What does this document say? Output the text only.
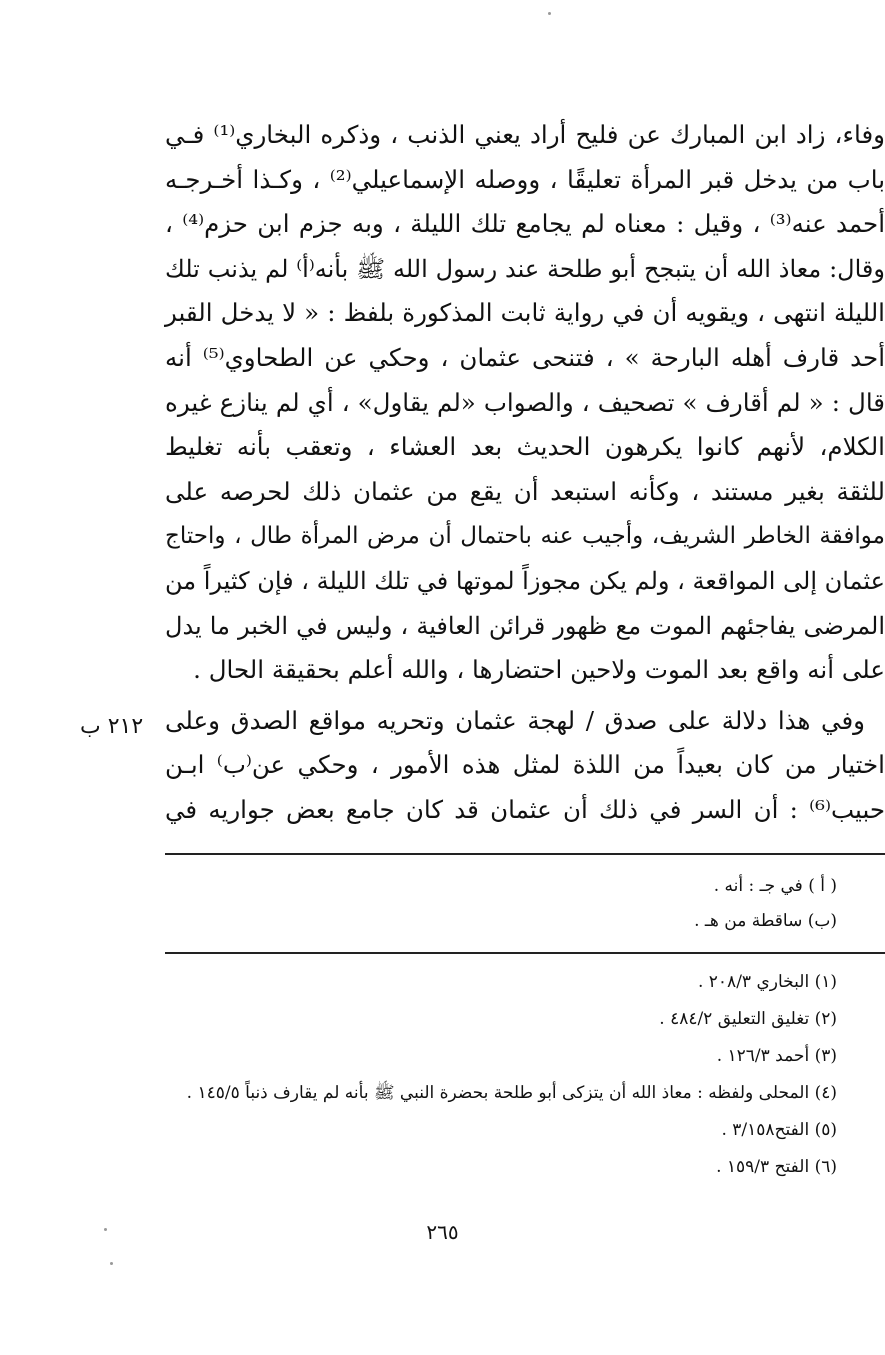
وفاء، زاد ابن المبارك عن فليح أراد يعني الذنب ، وذكره البخاري⁽¹⁾ فـي
باب من يدخل قبر المرأة تعليقًا ، ووصله الإسماعيلي⁽²⁾ ، وكـذا أخـرجـه
أحمد عنه⁽³⁾ ، وقيل : معناه لم يجامع تلك الليلة ، وبه جزم ابن حزم⁽⁴⁾ ،
وقال: معاذ الله أن يتبجح أبو طلحة عند رسول الله ﷺ بأنه⁽أ⁾ لم يذنب تلك
الليلة انتهى ، ويقويه أن في رواية ثابت المذكورة بلفظ : « لا يدخل القبر
أحد قارف أهله البارحة » ، فتنحى عثمان ، وحكي عن الطحاوي⁽⁵⁾ أنه
قال : « لم أقارف » تصحيف ، والصواب «لم يقاول» ، أي لم ينازع غيره
الكلام، لأنهم كانوا يكرهون الحديث بعد العشاء ، وتعقب بأنه تغليط
للثقة بغير مستند ، وكأنه استبعد أن يقع من عثمان ذلك لحرصه على
موافقة الخاطر الشريف، وأجيب عنه باحتمال أن مرض المرأة طال ، واحتاج
عثمان إلى المواقعة ، ولم يكن مجوزاً لموتها في تلك الليلة ، فإن كثيراً من
المرضى يفاجئهم الموت مع ظهور قرائن العافية ، وليس في الخبر ما يدل
على أنه واقع بعد الموت ولاحين احتضارها ، والله أعلم بحقيقة الحال .

وفي هذا دلالة على صدق / لهجة عثمان وتحريه مواقع الصدق وعلى
اختيار من كان بعيداً من اللذة لمثل هذه الأمور ، وحكي عن⁽ب⁾ ابـن
حبيب⁽⁶⁾ : أن السر في ذلك أن عثمان قد كان جامع بعض جواريه في

٢١٢ ب
( أ ) في جـ : أنه .
(ب) ساقطة من هـ .
(١) البخاري ٢٠٨/٣ .
(٢) تغليق التعليق ٤٨٤/٢ .
(٣) أحمد ١٢٦/٣ .
(٤) المحلى ولفظه : معاذ الله أن يتزكى أبو طلحة بحضرة النبي ﷺ بأنه لم يقارف ذنباً ١٤٥/٥ .
(٥) الفتح٣/١٥٨ .
(٦) الفتح ١٥٩/٣ .
٢٦٥
